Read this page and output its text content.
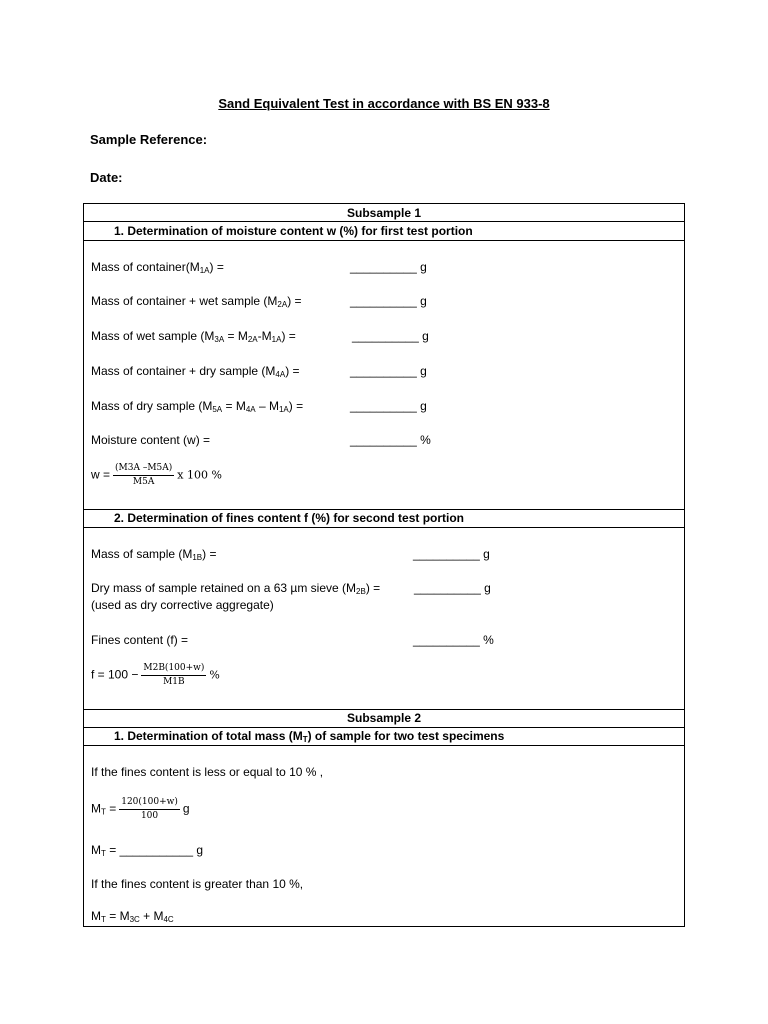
Sand Equivalent Test in accordance with BS EN 933-8
Sample Reference:
Date:
Subsample 1
1. Determination of moisture content w (%) for first test portion
Mass of $container(M_{1A})$ =	__________ g
Mass of container + wet sample $(M_{2A})$ =	__________ g
Mass of wet sample $(M_{3A} = M_{2A}-M_{1A})$ =	__________ g
Mass of container + dry sample $(M_{4A})$ =	__________ g
Mass of dry sample $(M_{5A} = M_{4A} - M_{1A})$ =	__________ g
Moisture content (w) =	__________ %
$w = \frac{(M3A -M5A)}{M5A}$ x 100 %
2. Determination of fines content f (%) for second test portion
Mass of sample $(M_{1B})$ =	__________ g
Dry mass of sample retained on a 63 µm sieve $(M_{2B})$ =
(used as dry corrective aggregate)
__________ g
Fines content (f) =	__________ %
$f = 100 - \frac{M2B(100+w)}{M1B}$ %
Subsample 2
1. Determination of total mass $(M_T)$ of sample for two test specimens
If the fines content is less or equal to 10 % ,
$M_T = \frac{120(100+w)}{100}$ g
$M_T$ = ___________ g
If the fines content is greater than 10 %,
$M_T = M_{3C} + M_{4C}$
